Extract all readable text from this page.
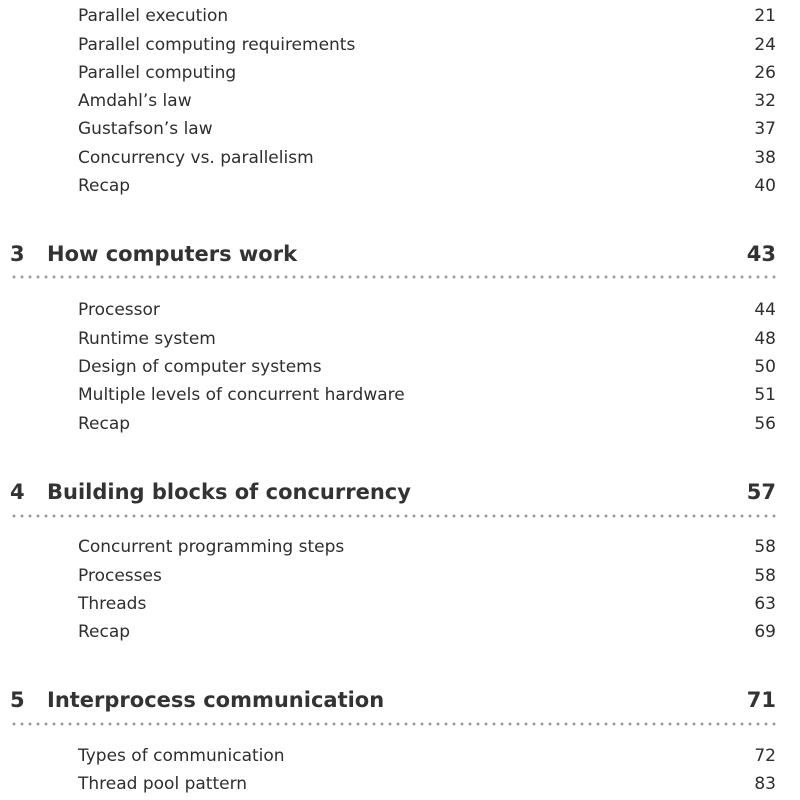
Parallel execution	21
Parallel computing requirements	24
Parallel computing	26
Amdahl’s law	32
Gustafson’s law	37
Concurrency vs. parallelism	38
Recap	40
3 How computers work	43
Processor	44
Runtime system	48
Design of computer systems	50
Multiple levels of concurrent hardware	51
Recap	56
4 Building blocks of concurrency	57
Concurrent programming steps	58
Processes	58
Threads	63
Recap	69
5 Interprocess communication	71
Types of communication	72
Thread pool pattern	83
